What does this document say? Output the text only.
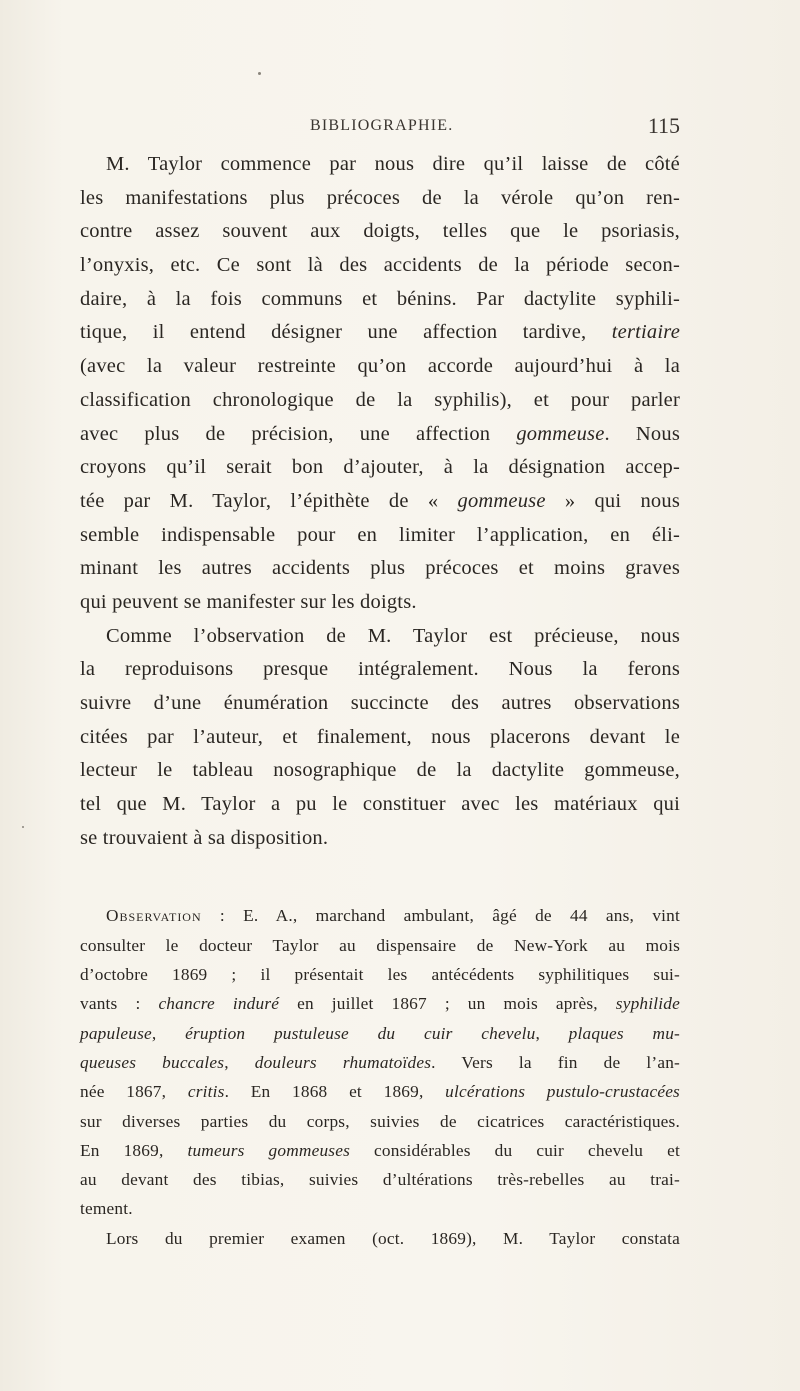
BIBLIOGRAPHIE.	115
M. Taylor commence par nous dire qu’il laisse de côté
les manifestations plus précoces de la vérole qu’on ren-
contre assez souvent aux doigts, telles que le psoriasis,
l’onyxis, etc. Ce sont là des accidents de la période secon-
daire, à la fois communs et bénins. Par dactylite syphili-
tique, il entend désigner une affection tardive, tertiaire
(avec la valeur restreinte qu’on accorde aujourd’hui à la
classification chronologique de la syphilis), et pour parler
avec plus de précision, une affection gommeuse. Nous
croyons qu’il serait bon d’ajouter, à la désignation accep-
tée par M. Taylor, l’épithète de « gommeuse » qui nous
semble indispensable pour en limiter l’application, en éli-
minant les autres accidents plus précoces et moins graves
qui peuvent se manifester sur les doigts.
Comme l’observation de M. Taylor est précieuse, nous
la reproduisons presque intégralement. Nous la ferons
suivre d’une énumération succincte des autres observations
citées par l’auteur, et finalement, nous placerons devant le
lecteur le tableau nosographique de la dactylite gommeuse,
tel que M. Taylor a pu le constituer avec les matériaux qui
se trouvaient à sa disposition.
Observation : E. A., marchand ambulant, âgé de 44 ans, vint
consulter le docteur Taylor au dispensaire de New-York au mois
d’octobre 1869 ; il présentait les antécédents syphilitiques sui-
vants : chancre induré en juillet 1867 ; un mois après, syphilide
papuleuse, éruption pustuleuse du cuir chevelu, plaques mu-
queuses buccales, douleurs rhumatoïdes. Vers la fin de l’an-
née 1867, critis. En 1868 et 1869, ulcérations pustulo-crustacées
sur diverses parties du corps, suivies de cicatrices caractéristiques.
En 1869, tumeurs gommeuses considérables du cuir chevelu et
au devant des tibias, suivies d’ultérations très-rebelles au trai-
tement.
Lors du premier examen (oct. 1869), M. Taylor constata
